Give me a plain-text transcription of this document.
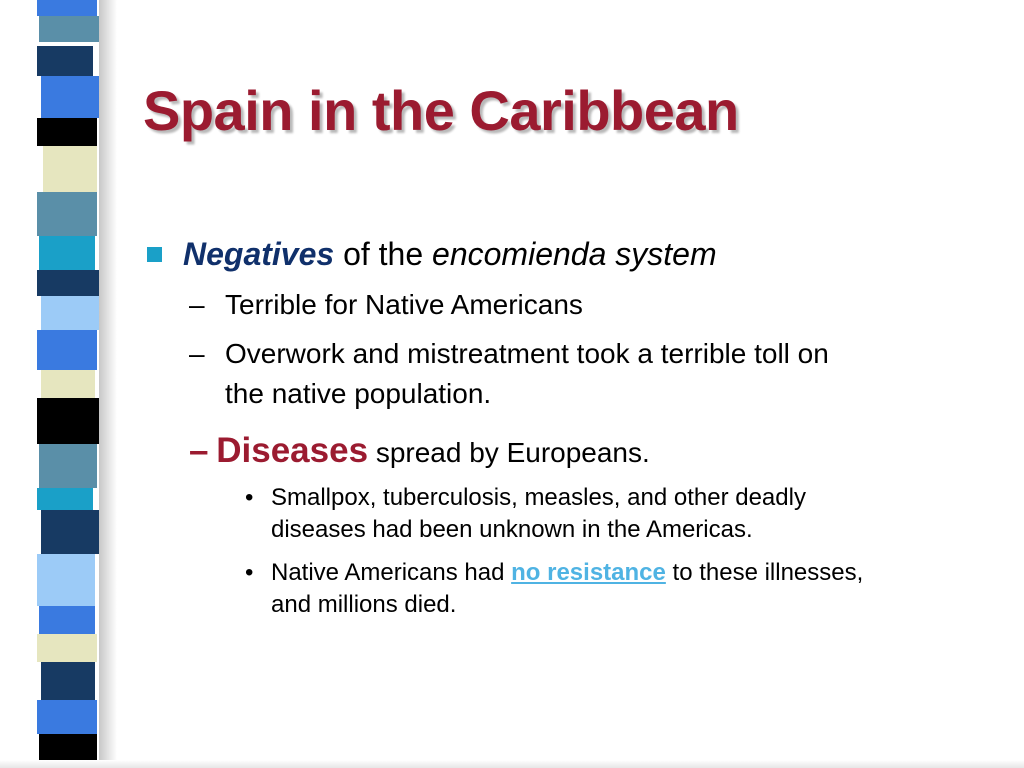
Spain in the Caribbean
Negatives of the encomienda system
– Terrible for Native Americans
– Overwork and mistreatment took a terrible toll on
the native population.
– Diseases spread by Europeans.
• Smallpox, tuberculosis, measles, and other deadly
diseases had been unknown in the Americas.
• Native Americans had no resistance to these illnesses,
and millions died.
